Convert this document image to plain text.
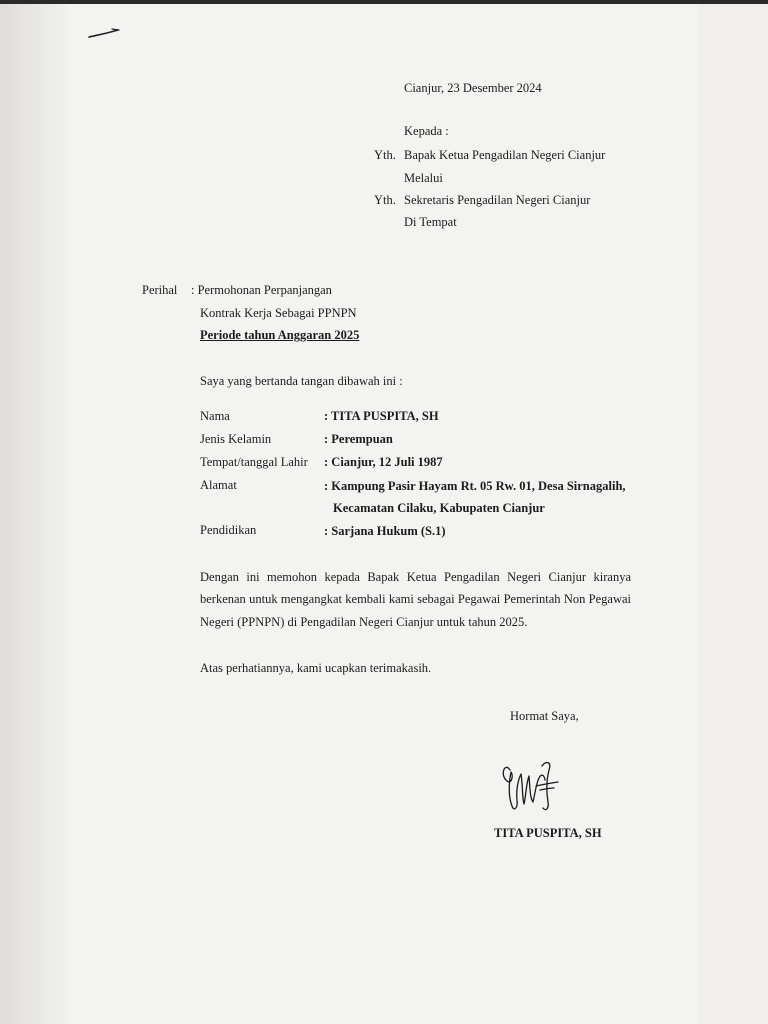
Cianjur, 23 Desember 2024
Kepada :
Yth. Bapak Ketua Pengadilan Negeri Cianjur
Melalui
Yth. Sekretaris Pengadilan Negeri Cianjur
Di Tempat
Perihal : Permohonan Perpanjangan
Kontrak Kerja Sebagai PPNPN
Periode tahun Anggaran 2025
Saya yang bertanda tangan dibawah ini :
Nama	: TITA PUSPITA, SH
Jenis Kelamin	: Perempuan
Tempat/tanggal Lahir : Cianjur, 12 Juli 1987
Alamat	: Kampung Pasir Hayam Rt. 05 Rw. 01, Desa Sirnagalih,
Kecamatan Cilaku, Kabupaten Cianjur
Pendidikan	: Sarjana Hukum (S.1)
Dengan ini memohon kepada Bapak Ketua Pengadilan Negeri Cianjur kiranya
berkenan untuk mengangkat kembali kami sebagai Pegawai Pemerintah Non Pegawai
Negeri (PPNPN) di Pengadilan Negeri Cianjur untuk tahun 2025.
Atas perhatiannya, kami ucapkan terimakasih.
Hormat Saya,
TITA PUSPITA, SH
